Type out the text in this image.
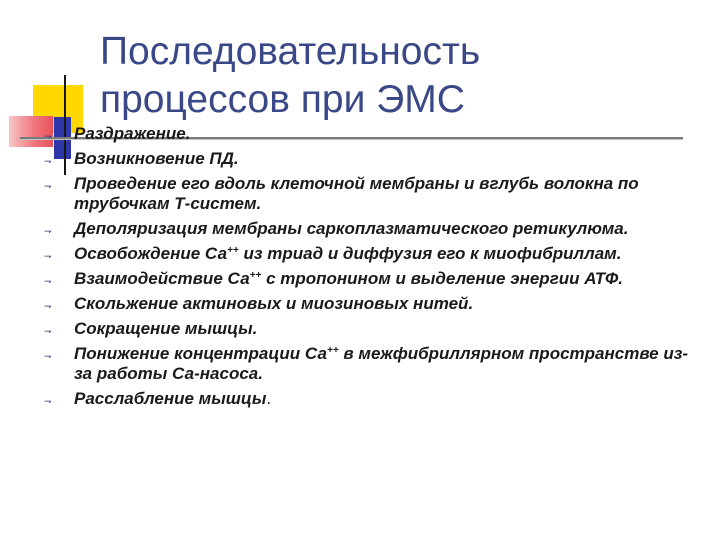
Последовательность
процессов при ЭМС
⇁ Раздражение.
⇁ Возникновение ПД.
⇁ Проведение его вдоль клеточной мембраны и вглубь волокна по трубочкам Т-систем.
⇁ Деполяризация мембраны саркоплазматического ретикулюма.
⇁ Освобождение Са++ из триад и диффузия его к миофибриллам.
⇁ Взаимодействие Са++ с тропонином и выделение энергии АТФ.
⇁ Скольжение актиновых и миозиновых нитей.
⇁ Сокращение мышцы.
⇁ Понижение концентрации Са++ в межфибриллярном пространстве из-за работы Са-насоса.
⇁ Расслабление мышцы.
